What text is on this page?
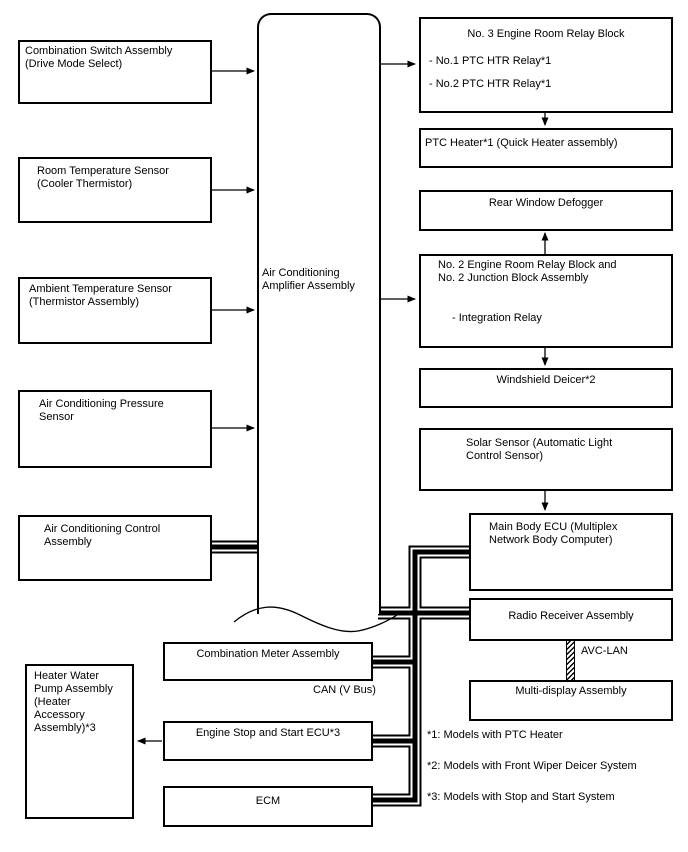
Combination Switch Assembly
(Drive Mode Select)
Room Temperature Sensor
(Cooler Thermistor)
Ambient Temperature Sensor
(Thermistor Assembly)
Air Conditioning Pressure
Sensor
Air Conditioning Control
Assembly
Heater Water
Pump Assembly
(Heater
Accessory
Assembly)*3
Air Conditioning
Amplifier Assembly
No. 3 Engine Room Relay Block
- No.1 PTC HTR Relay*1
- No.2 PTC HTR Relay*1
PTC Heater*1 (Quick Heater assembly)
Rear Window Defogger
No. 2 Engine Room Relay Block and
No. 2 Junction Block Assembly
- Integration Relay
Windshield Deicer*2
Solar Sensor (Automatic Light
Control Sensor)
Main Body ECU (Multiplex
Network Body Computer)
Radio Receiver Assembly
Multi-display Assembly
Combination Meter Assembly
Engine Stop and Start ECU*3
ECM
CAN (V Bus)
AVC-LAN
*1: Models with PTC Heater
*2: Models with Front Wiper Deicer System
*3: Models with Stop and Start System
